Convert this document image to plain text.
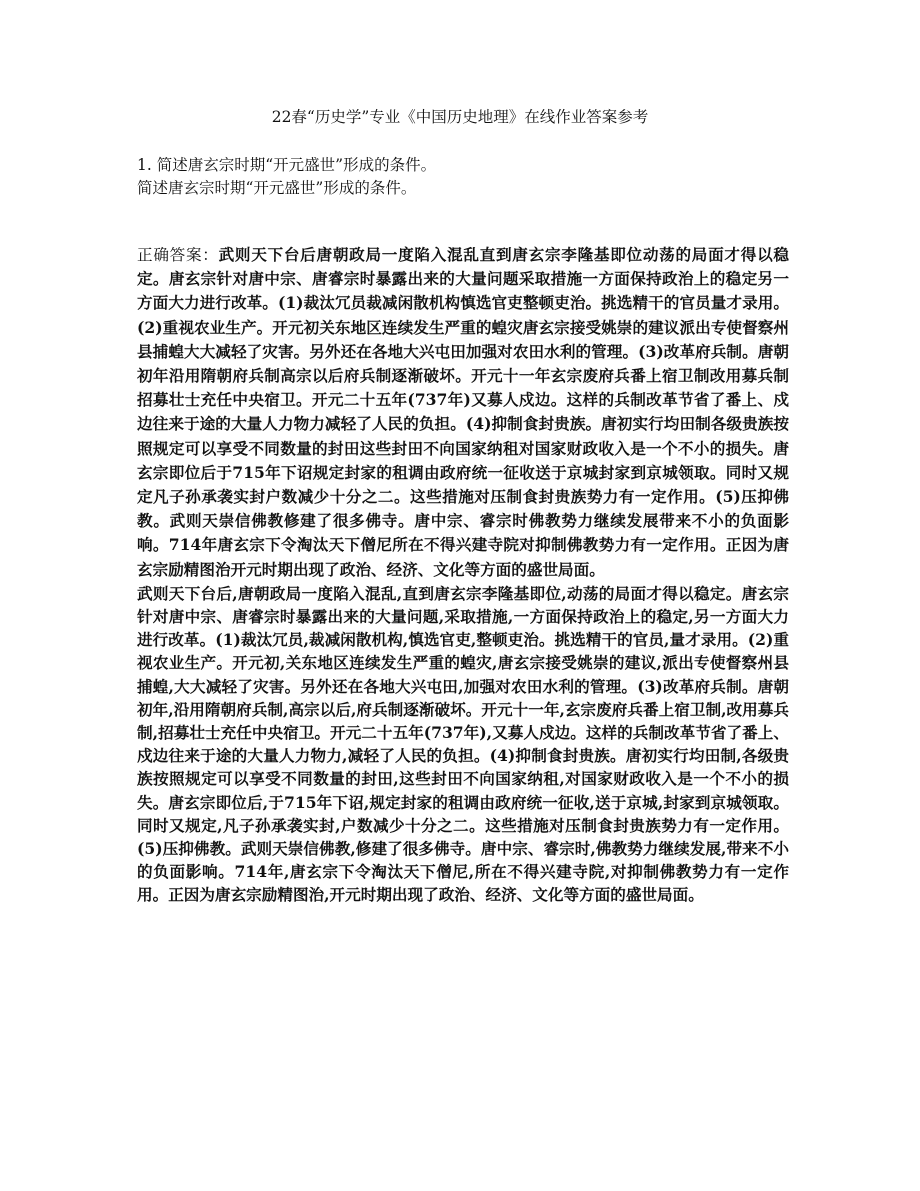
22春“历史学”专业《中国历史地理》在线作业答案参考

1. 简述唐玄宗时期“开元盛世”形成的条件。

简述唐玄宗时期“开元盛世”形成的条件。

正确答案：武则天下台后唐朝政局一度陷入混乱直到唐玄宗李隆基即位动荡的局面才得以稳定。唐玄宗针对唐中宗、唐睿宗时暴露出来的大量问题采取措施一方面保持政治上的稳定另一方面大力进行改革。(1)裁汰冗员裁减闲散机构慎选官吏整顿吏治。挑选精干的官员量才录用。(2)重视农业生产。开元初关东地区连续发生严重的蝗灾唐玄宗接受姚崇的建议派出专使督察州县捕蝗大大减轻了灾害。另外还在各地大兴屯田加强对农田水利的管理。(3)改革府兵制。唐朝初年沿用隋朝府兵制高宗以后府兵制逐渐破坏。开元十一年玄宗废府兵番上宿卫制改用募兵制招募壮士充任中央宿卫。开元二十五年(737年)又募人戍边。这样的兵制改革节省了番上、戍边往来于途的大量人力物力减轻了人民的负担。(4)抑制食封贵族。唐初实行均田制各级贵族按照规定可以享受不同数量的封田这些封田不向国家纳租对国家财政收入是一个不小的损失。唐玄宗即位后于715年下诏规定封家的租调由政府统一征收送于京城封家到京城领取。同时又规定凡子孙承袭实封户数减少十分之二。这些措施对压制食封贵族势力有一定作用。(5)压抑佛教。武则天崇信佛教修建了很多佛寺。唐中宗、睿宗时佛教势力继续发展带来不小的负面影响。714年唐玄宗下令淘汰天下僧尼所在不得兴建寺院对抑制佛教势力有一定作用。正因为唐玄宗励精图治开元时期出现了政治、经济、文化等方面的盛世局面。

武则天下台后,唐朝政局一度陷入混乱,直到唐玄宗李隆基即位,动荡的局面才得以稳定。唐玄宗针对唐中宗、唐睿宗时暴露出来的大量问题,采取措施,一方面保持政治上的稳定,另一方面大力进行改革。(1)裁汰冗员,裁减闲散机构,慎选官吏,整顿吏治。挑选精干的官员,量才录用。(2)重视农业生产。开元初,关东地区连续发生严重的蝗灾,唐玄宗接受姚崇的建议,派出专使督察州县捕蝗,大大减轻了灾害。另外还在各地大兴屯田,加强对农田水利的管理。(3)改革府兵制。唐朝初年,沿用隋朝府兵制,高宗以后,府兵制逐渐破坏。开元十一年,玄宗废府兵番上宿卫制,改用募兵制,招募壮士充任中央宿卫。开元二十五年(737年),又募人戍边。这样的兵制改革节省了番上、戍边往来于途的大量人力物力,减轻了人民的负担。(4)抑制食封贵族。唐初实行均田制,各级贵族按照规定可以享受不同数量的封田,这些封田不向国家纳租,对国家财政收入是一个不小的损失。唐玄宗即位后,于715年下诏,规定封家的租调由政府统一征收,送于京城,封家到京城领取。同时又规定,凡子孙承袭实封,户数减少十分之二。这些措施对压制食封贵族势力有一定作用。(5)压抑佛教。武则天崇信佛教,修建了很多佛寺。唐中宗、睿宗时,佛教势力继续发展,带来不小的负面影响。714年,唐玄宗下令淘汰天下僧尼,所在不得兴建寺院,对抑制佛教势力有一定作用。正因为唐玄宗励精图治,开元时期出现了政治、经济、文化等方面的盛世局面。
